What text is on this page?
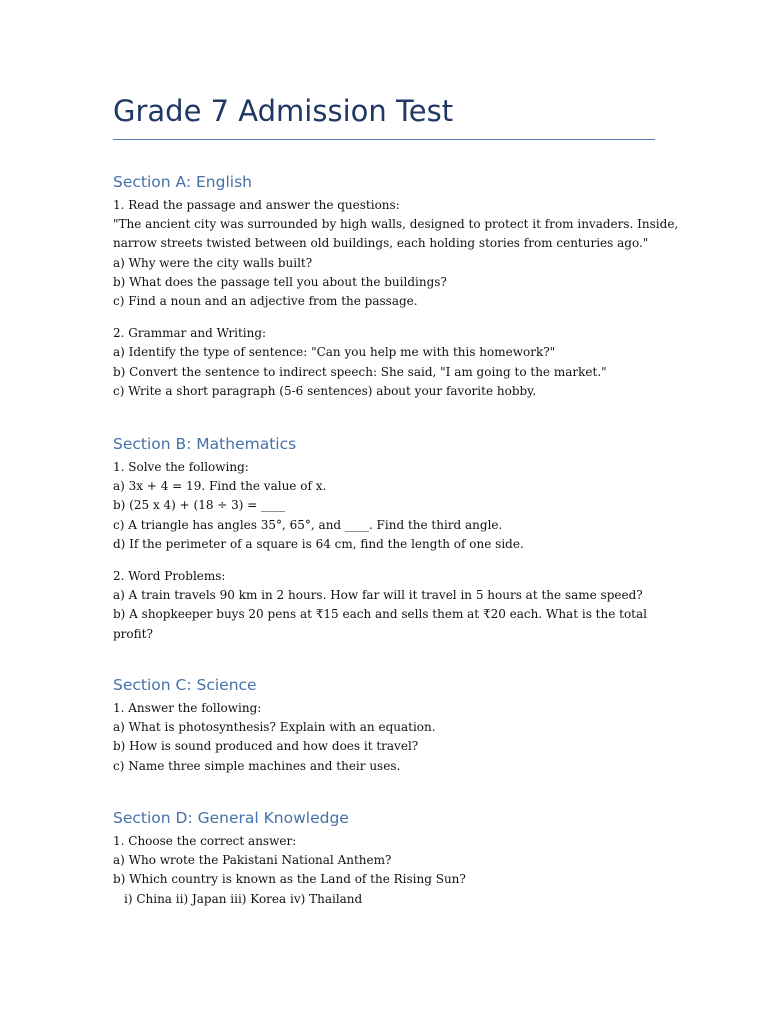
Grade 7 Admission Test
Section A: English
1. Read the passage and answer the questions:
"The ancient city was surrounded by high walls, designed to protect it from invaders. Inside,
narrow streets twisted between old buildings, each holding stories from centuries ago."
a) Why were the city walls built?
b) What does the passage tell you about the buildings?
c) Find a noun and an adjective from the passage.
2. Grammar and Writing:
a) Identify the type of sentence: "Can you help me with this homework?"
b) Convert the sentence to indirect speech: She said, "I am going to the market."
c) Write a short paragraph (5-6 sentences) about your favorite hobby.
Section B: Mathematics
1. Solve the following:
a) 3x + 4 = 19. Find the value of x.
b) (25 x 4) + (18 ÷ 3) = ____
c) A triangle has angles 35°, 65°, and ____. Find the third angle.
d) If the perimeter of a square is 64 cm, find the length of one side.
2. Word Problems:
a) A train travels 90 km in 2 hours. How far will it travel in 5 hours at the same speed?
b) A shopkeeper buys 20 pens at ₹15 each and sells them at ₹20 each. What is the total
profit?
Section C: Science
1. Answer the following:
a) What is photosynthesis? Explain with an equation.
b) How is sound produced and how does it travel?
c) Name three simple machines and their uses.
Section D: General Knowledge
1. Choose the correct answer:
a) Who wrote the Pakistani National Anthem?
b) Which country is known as the Land of the Rising Sun?
i) China ii) Japan iii) Korea iv) Thailand
